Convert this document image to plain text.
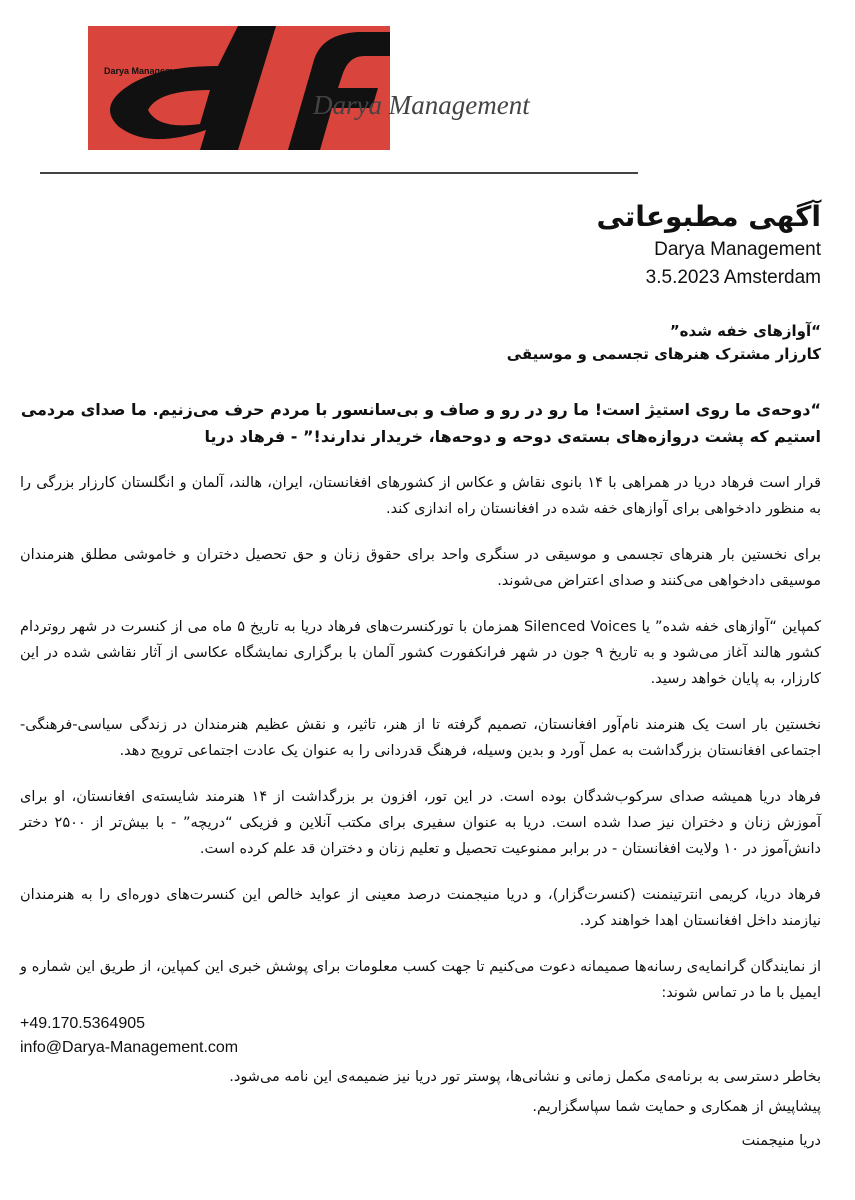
Darya Management
Darya Management
آگهی مطبوعاتی
Darya Management
3.5.2023 Amsterdam
“آوازهای خفه شده”
کارزار مشترک هنرهای تجسمی و موسیقی
“دوحه‌ی ما روی استیژ است! ما رو در رو و صاف و بی‌سانسور با مردم حرف می‌زنیم. ما صدای مردمی استیم که پشت دروازه‌های بسته‌ی دوحه و دوحه‌ها، خریدار ندارند!” - فرهاد دریا
قرار است فرهاد دریا در همراهی با ۱۴ بانوی نقاش و عکاس از کشورهای افغانستان، ایران، هالند، آلمان و انگلستان کارزار بزرگی را به منظور دادخواهی برای آوازهای خفه شده در افغانستان راه اندازی کند.
برای نخستین بار هنرهای تجسمی و موسیقی در سنگری واحد برای حقوق زنان و حق تحصیل دختران و خاموشی مطلق هنرمندان موسیقی دادخواهی می‌کنند و صدای اعتراض می‌شوند.
کمپاین “آوازهای خفه شده” یا Silenced Voices همزمان با تورکنسرت‌های فرهاد دریا به تاریخ ۵ ماه می از کنسرت در شهر روتردام کشور هالند آغاز می‌شود و به تاریخ ۹ جون در شهر فرانکفورت کشور آلمان با برگزاری نمایشگاه عکاسی از آثار نقاشی شده در این کارزار، به پایان خواهد رسید.
نخستین بار است یک هنرمند نام‌آور افغانستان، تصمیم گرفته تا از هنر، تاثیر، و نقش عظیم هنرمندان در زندگی سیاسی-فرهنگی-اجتماعی افغانستان بزرگداشت به عمل آورد و بدین وسیله، فرهنگ قدردانی را به عنوان یک عادت اجتماعی ترویج دهد.
فرهاد دریا همیشه صدای سرکوب‌شدگان بوده است. در این تور، افزون بر بزرگداشت از ۱۴ هنرمند شایسته‌ی افغانستان، او برای آموزش زنان و دختران نیز صدا شده است. دریا به عنوان سفیری برای مکتب آنلاین و فزیکی “دریچه” - با بیش‌تر از ۲۵۰۰ دختر دانش‌آموز در ۱۰ ولایت افغانستان - در برابر ممنوعیت تحصیل و تعلیم زنان و دختران قد علم کرده است.
فرهاد دریا، کریمی انترتینمنت (کنسرت‌گزار)، و دریا منیجمنت درصد معینی از عواید خالص این کنسرت‌های دوره‌ای را به هنرمندان نیازمند داخل افغانستان اهدا خواهند کرد.
از نمایندگان گرانمایه‌ی رسانه‌ها صمیمانه دعوت می‌کنیم تا جهت کسب معلومات برای پوشش خبری این کمپاین، از طریق این شماره و ایمیل با ما در تماس شوند:
+49.170.5364905
info@Darya-Management.com
بخاطر دسترسی به برنامه‌ی مکمل زمانی و نشانی‌ها، پوستر تور دریا نیز ضمیمه‌ی این نامه می‌شود.
پیشاپیش از همکاری و حمایت شما سپاسگزاریم.
دریا منیجمنت
